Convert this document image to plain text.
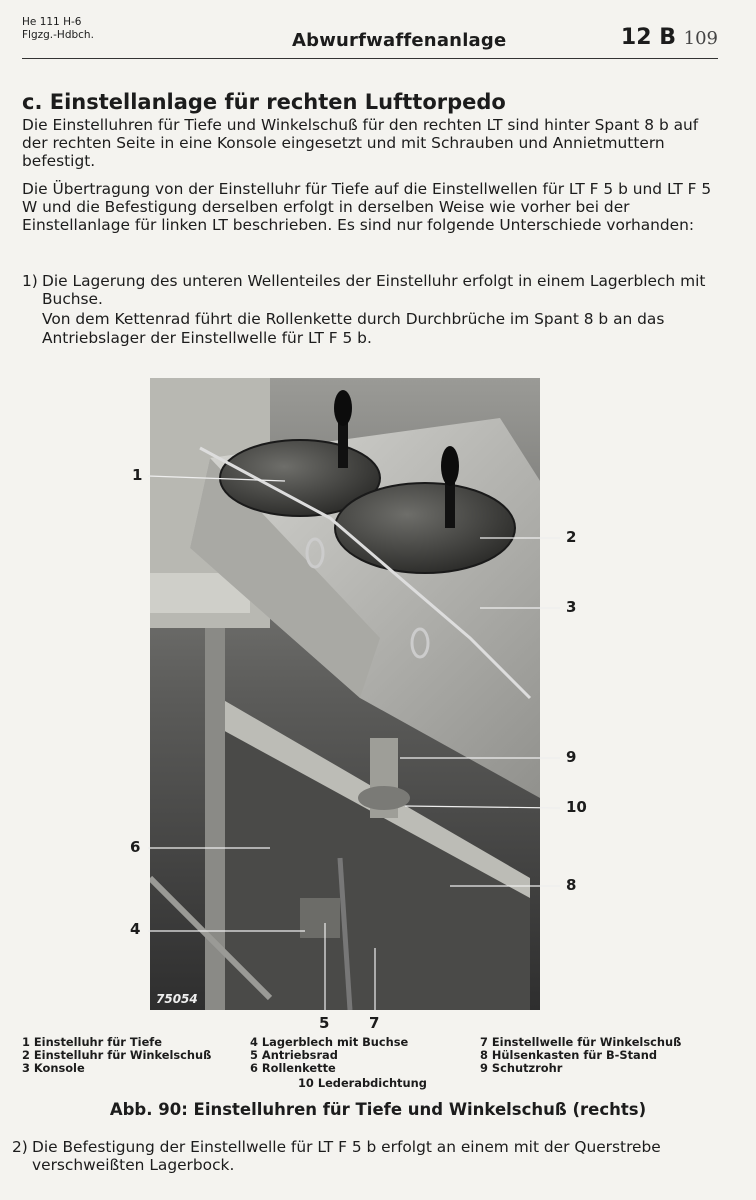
He 111 H-6
Flgzg.-Hdbch.	Abwurfwaffenanlage	12 B 109
c. Einstellanlage für rechten Lufttorpedo
Die Einstelluhren für Tiefe und Winkelschuß für den rechten LT sind hinter Spant 8 b auf der rechten Seite in eine Konsole eingesetzt und mit Schrauben und Annietmuttern befestigt.
Die Übertragung von der Einstelluhr für Tiefe auf die Einstellwellen für LT F 5 b und LT F 5 W und die Befestigung derselben erfolgt in derselben Weise wie vorher bei der Einstellanlage für linken LT beschrieben. Es sind nur folgende Unterschiede vorhanden:
1) Die Lagerung des unteren Wellenteiles der Einstelluhr erfolgt in einem Lagerblech mit Buchse.
Von dem Kettenrad führt die Rollenkette durch Durchbrüche im Spant 8 b an das Antriebslager der Einstellwelle für LT F 5 b.
75054
1
2
3
4
5
6
7
8
9
10
1 Einstelluhr für Tiefe
2 Einstelluhr für Winkelschuß
3 Konsole
4 Lagerblech mit Buchse
5 Antriebsrad
6 Rollenkette
7 Einstellwelle für Winkelschuß
8 Hülsenkasten für B-Stand
9 Schutzrohr
10 Lederabdichtung
Abb. 90: Einstelluhren für Tiefe und Winkelschuß (rechts)
2) Die Befestigung der Einstellwelle für LT F 5 b erfolgt an einem mit der Querstrebe verschweißten Lagerbock.
